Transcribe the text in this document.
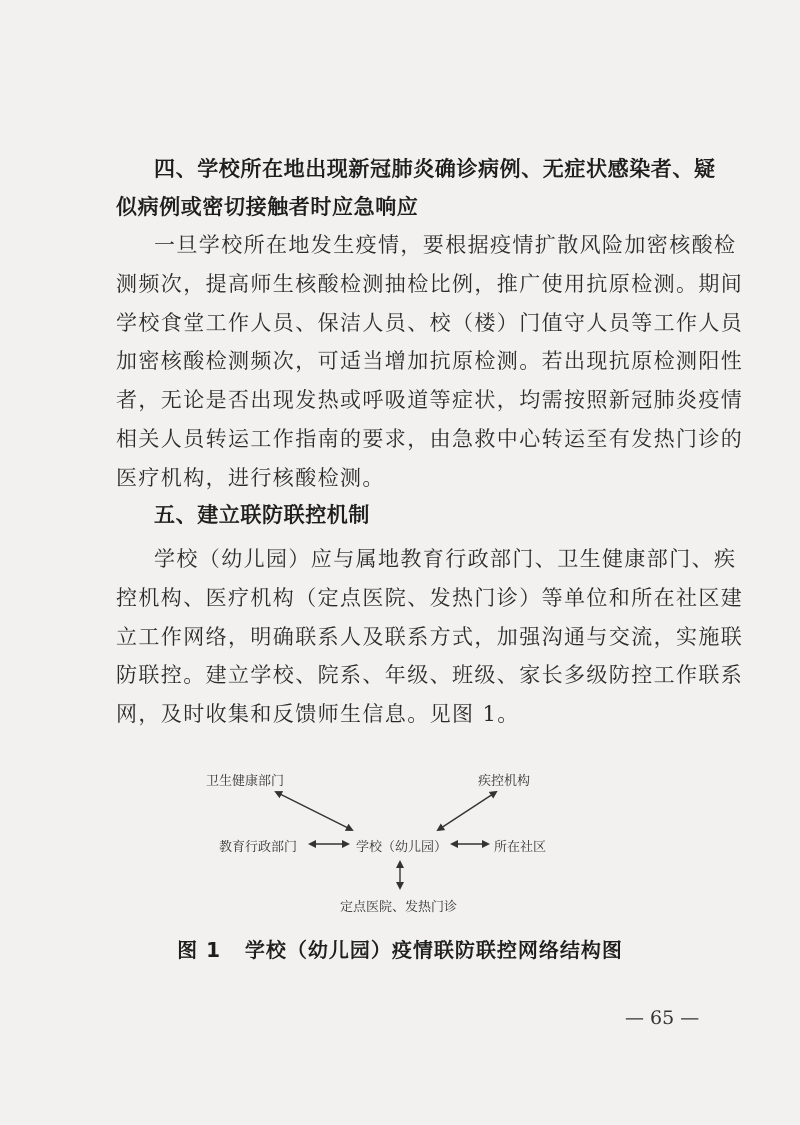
四、学校所在地出现新冠肺炎确诊病例、无症状感染者、疑
似病例或密切接触者时应急响应
一旦学校所在地发生疫情，要根据疫情扩散风险加密核酸检
测频次，提高师生核酸检测抽检比例，推广使用抗原检测。期间
学校食堂工作人员、保洁人员、校（楼）门值守人员等工作人员
加密核酸检测频次，可适当增加抗原检测。若出现抗原检测阳性
者，无论是否出现发热或呼吸道等症状，均需按照新冠肺炎疫情
相关人员转运工作指南的要求，由急救中心转运至有发热门诊的
医疗机构，进行核酸检测。
五、建立联防联控机制
学校（幼儿园）应与属地教育行政部门、卫生健康部门、疾
控机构、医疗机构（定点医院、发热门诊）等单位和所在社区建
立工作网络，明确联系人及联系方式，加强沟通与交流，实施联
防联控。建立学校、院系、年级、班级、家长多级防控工作联系
网，及时收集和反馈师生信息。见图 1。
卫生健康部门	疾控机构
教育行政部门	学校（幼儿园）	所在社区
定点医院、发热门诊
图 1 学校（幼儿园）疫情联防联控网络结构图
— 65 —
